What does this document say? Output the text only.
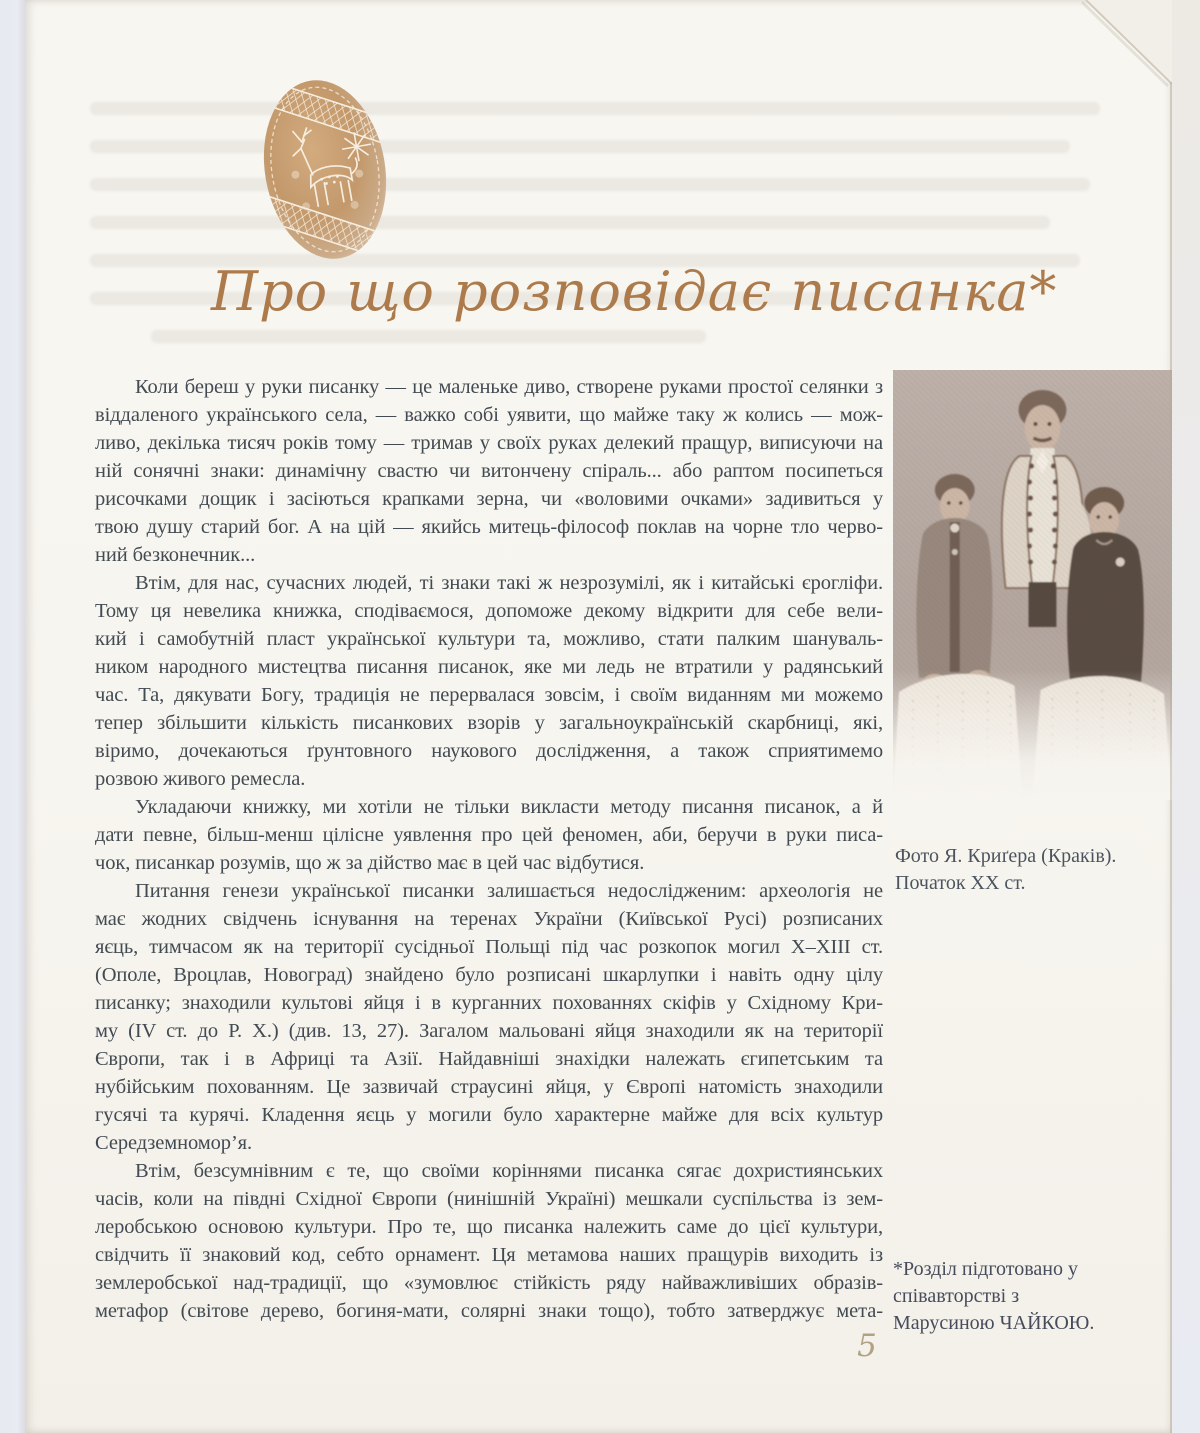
Про що розповідає писанка*
Коли береш у руки писанку — це маленьке диво, створене руками простої селянки з
віддаленого українського села, — важко собі уявити, що майже таку ж колись — мож-
ливо, декілька тисяч років тому — тримав у своїх руках делекий пращур, виписуючи на
ній сонячні знаки: динамічну свастю чи витончену спіраль... або раптом посипеться
рисочками дощик і засіються крапками зерна, чи «воловими очками» задивиться у
твою душу старий бог. А на цій — якийсь митець-філософ поклав на чорне тло черво-
ний безконечник...
Втім, для нас, сучасних людей, ті знаки такі ж незрозумілі, як і китайські єрогліфи.
Тому ця невелика книжка, сподіваємося, допоможе декому відкрити для себе вели-
кий і самобутній пласт української культури та, можливо, стати палким шануваль-
ником народного мистецтва писання писанок, яке ми ледь не втратили у радянський
час. Та, дякувати Богу, традиція не перервалася зовсім, і своїм виданням ми можемо
тепер збільшити кількість писанкових взорів у загальноукраїнській скарбниці, які,
віримо, дочекаються ґрунтовного наукового дослідження, а також сприятимемо
розвою живого ремесла.
Укладаючи книжку, ми хотіли не тільки викласти методу писання писанок, а й
дати певне, більш-менш цілісне уявлення про цей феномен, аби, беручи в руки писа-
чок, писанкар розумів, що ж за дійство має в цей час відбутися.
Питання генези української писанки залишається недослідженим: археологія не
має жодних свідчень існування на теренах України (Київської Русі) розписаних
яєць, тимчасом як на території сусідньої Польщі під час розкопок могил X–XIII ст.
(Ополе, Вроцлав, Новоград) знайдено було розписані шкарлупки і навіть одну цілу
писанку; знаходили культові яйця і в курганних похованнях скіфів у Східному Кри-
му (IV ст. до Р. Х.) (див. 13, 27). Загалом мальовані яйця знаходили як на території
Європи, так і в Африці та Азії. Найдавніші знахідки належать єгипетським та
нубійським похованням. Це зазвичай страусині яйця, у Європі натомість знаходили
гусячі та курячі. Кладення яєць у могили було характерне майже для всіх культур
Середземномор’я.
Втім, безсумнівним є те, що своїми коріннями писанка сягає дохристиянських
часів, коли на півдні Східної Європи (нинішній Україні) мешкали суспільства із зем-
леробською основою культури. Про те, що писанка належить саме до цієї культури,
свідчить її знаковий код, себто орнамент. Ця метамова наших пращурів виходить із
землеробської над-традиції, що «зумовлює стійкість ряду найважливіших образів-
метафор (світове дерево, богиня-мати, солярні знаки тощо), тобто затверджує мета-
Фото Я. Криґера (Краків).
Початок XX ст.
*Розділ підготовано у
співавторстві з
Марусиною ЧАЙКОЮ.
5
